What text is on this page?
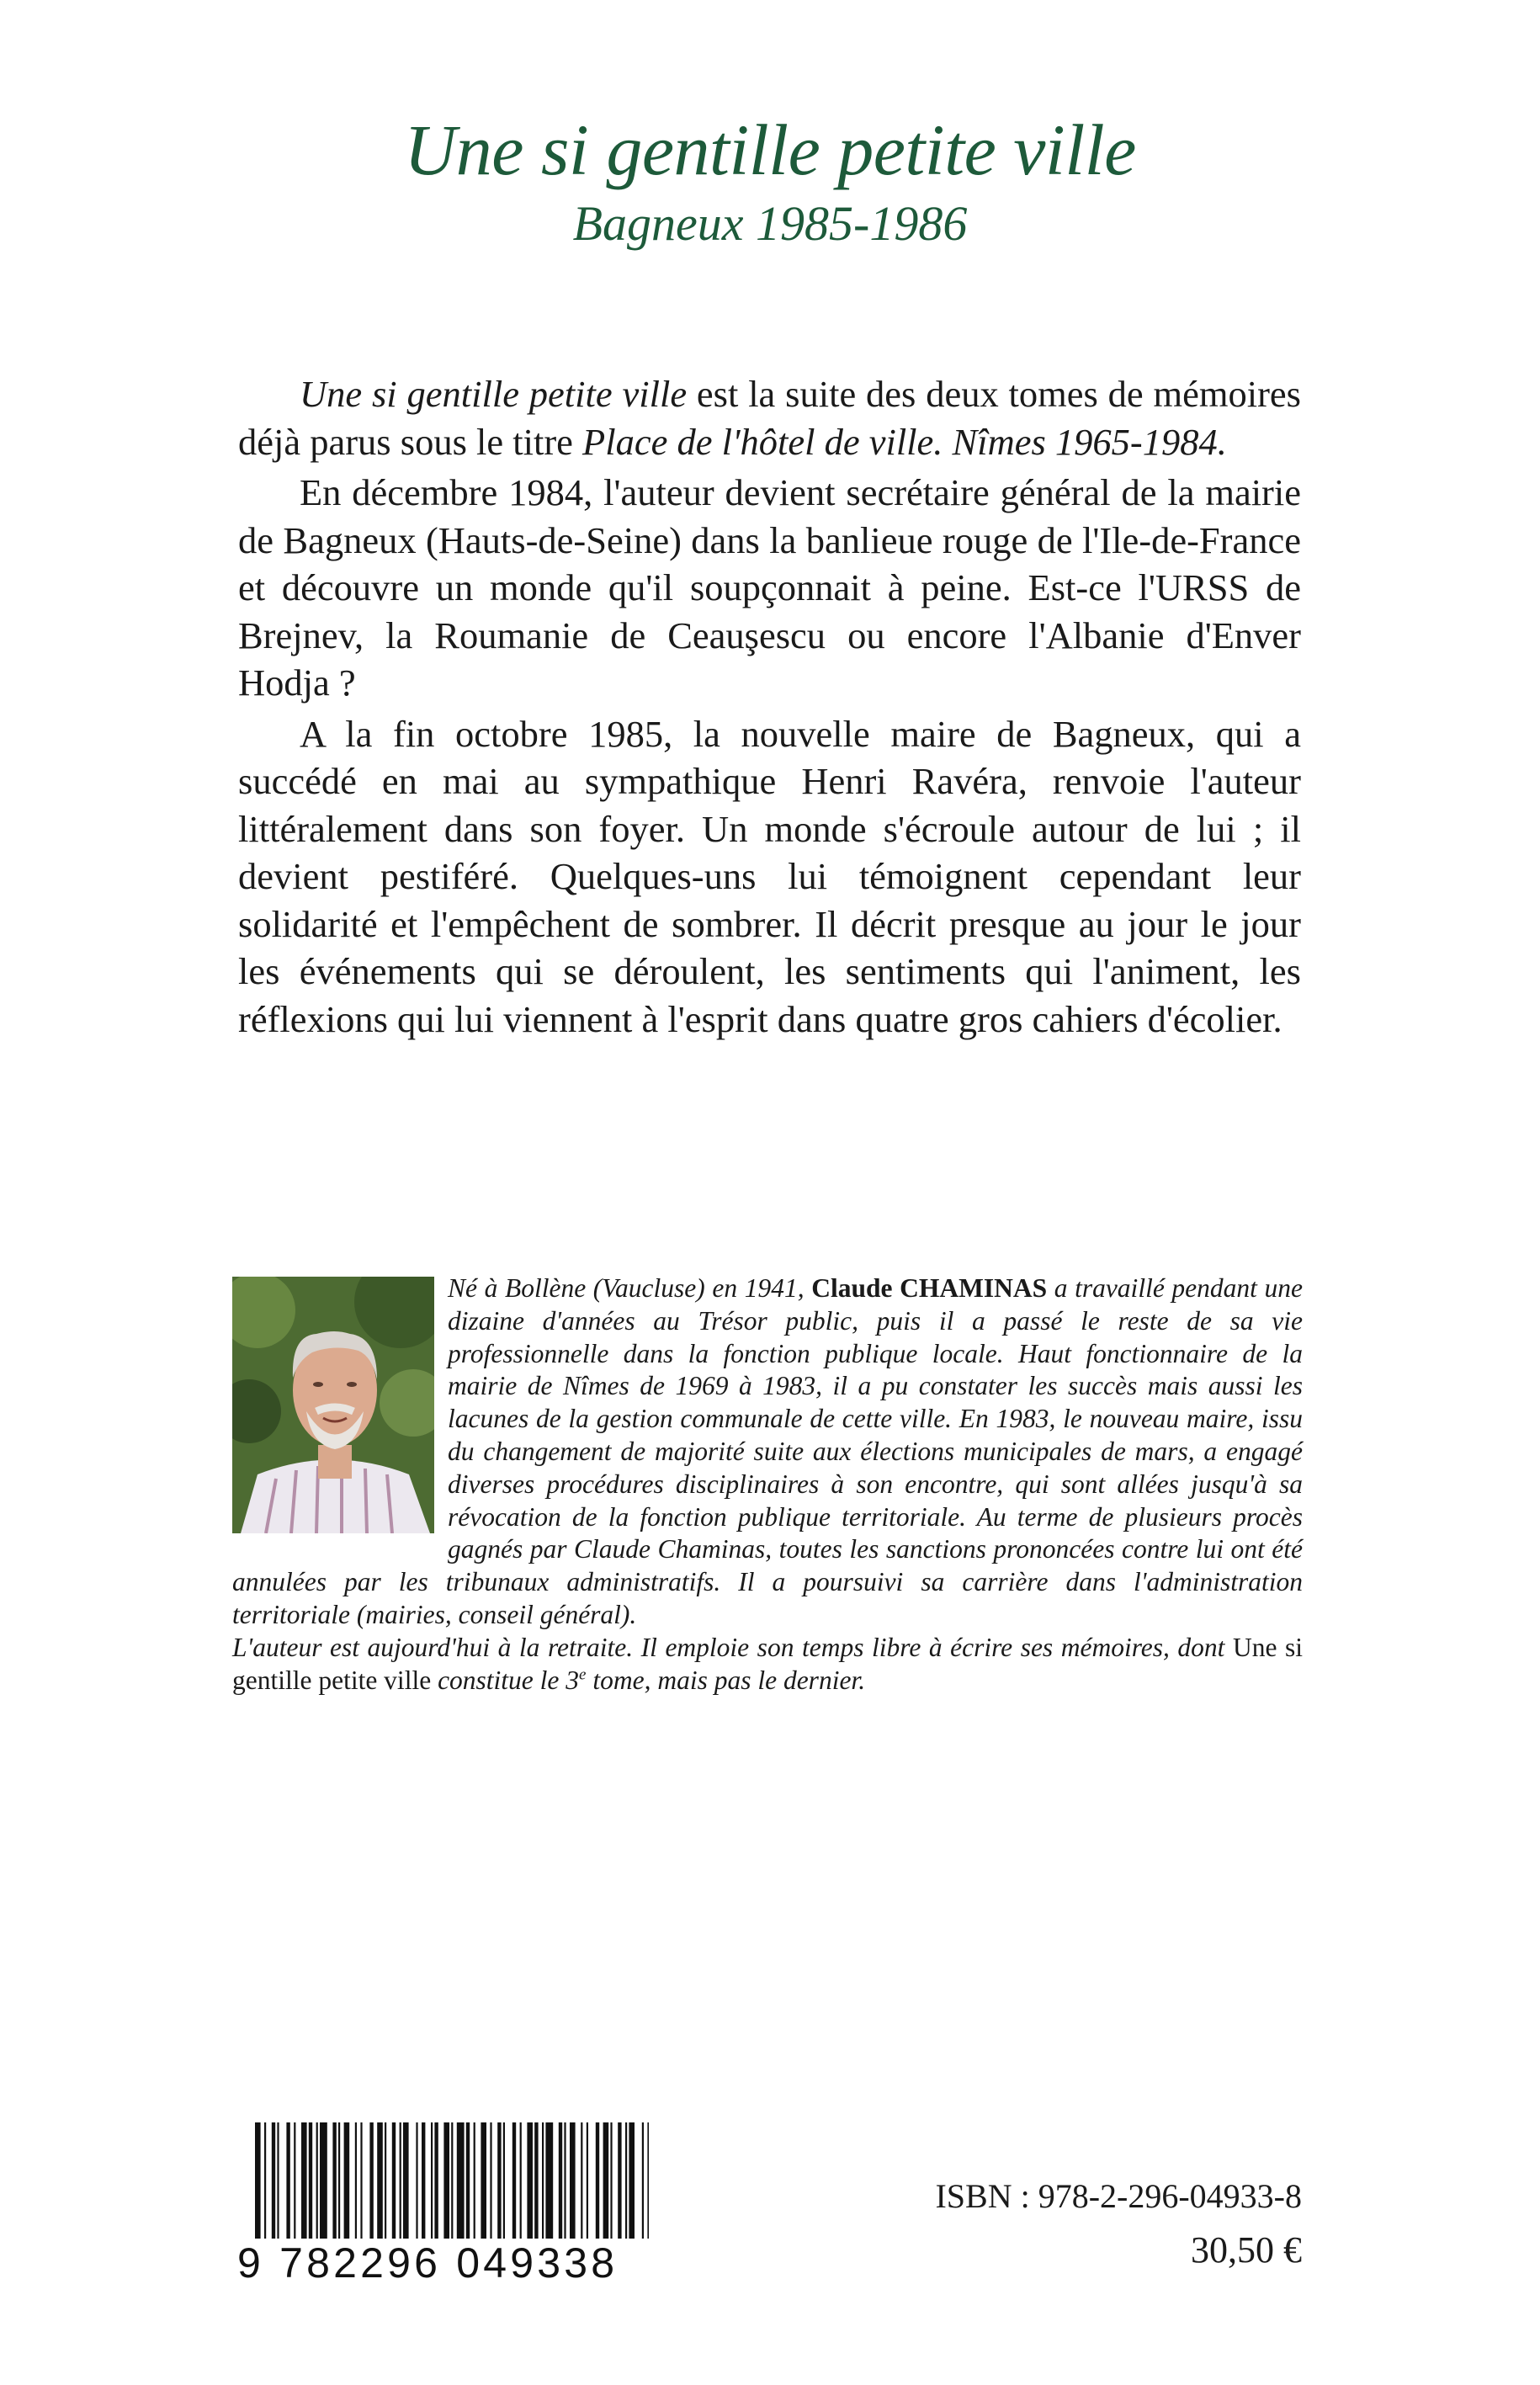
Une si gentille petite ville
Bagneux 1985-1986

Une si gentille petite ville est la suite des deux tomes de mémoires déjà parus sous le titre Place de l'hôtel de ville. Nîmes 1965-1984.

En décembre 1984, l'auteur devient secrétaire général de la mairie de Bagneux (Hauts-de-Seine) dans la banlieue rouge de l'Ile-de-France et découvre un monde qu'il soupçonnait à peine. Est-ce l'URSS de Brejnev, la Roumanie de Ceauşescu ou encore l'Albanie d'Enver Hodja ?

A la fin octobre 1985, la nouvelle maire de Bagneux, qui a succédé en mai au sympathique Henri Ravéra, renvoie l'auteur littéralement dans son foyer. Un monde s'écroule autour de lui ; il devient pestiféré. Quelques-uns lui témoignent cependant leur solidarité et l'empêchent de sombrer. Il décrit presque au jour le jour les événements qui se déroulent, les sentiments qui l'animent, les réflexions qui lui viennent à l'esprit dans quatre gros cahiers d'écolier.

Né à Bollène (Vaucluse) en 1941, Claude CHAMINAS a travaillé pendant une dizaine d'années au Trésor public, puis il a passé le reste de sa vie professionnelle dans la fonction publique locale. Haut fonctionnaire de la mairie de Nîmes de 1969 à 1983, il a pu constater les succès mais aussi les lacunes de la gestion communale de cette ville. En 1983, le nouveau maire, issu du changement de majorité suite aux élections municipales de mars, a engagé diverses procédures disciplinaires à son encontre, qui sont allées jusqu'à sa révocation de la fonction publique territoriale. Au terme de plusieurs procès gagnés par Claude Chaminas, toutes les sanctions prononcées contre lui ont été annulées par les tribunaux administratifs. Il a poursuivi sa carrière dans l'administration territoriale (mairies, conseil général).

L'auteur est aujourd'hui à la retraite. Il emploie son temps libre à écrire ses mémoires, dont Une si gentille petite ville constitue le 3e tome, mais pas le dernier.

9 782296 049338
ISBN : 978-2-296-04933-8
30,50 €
